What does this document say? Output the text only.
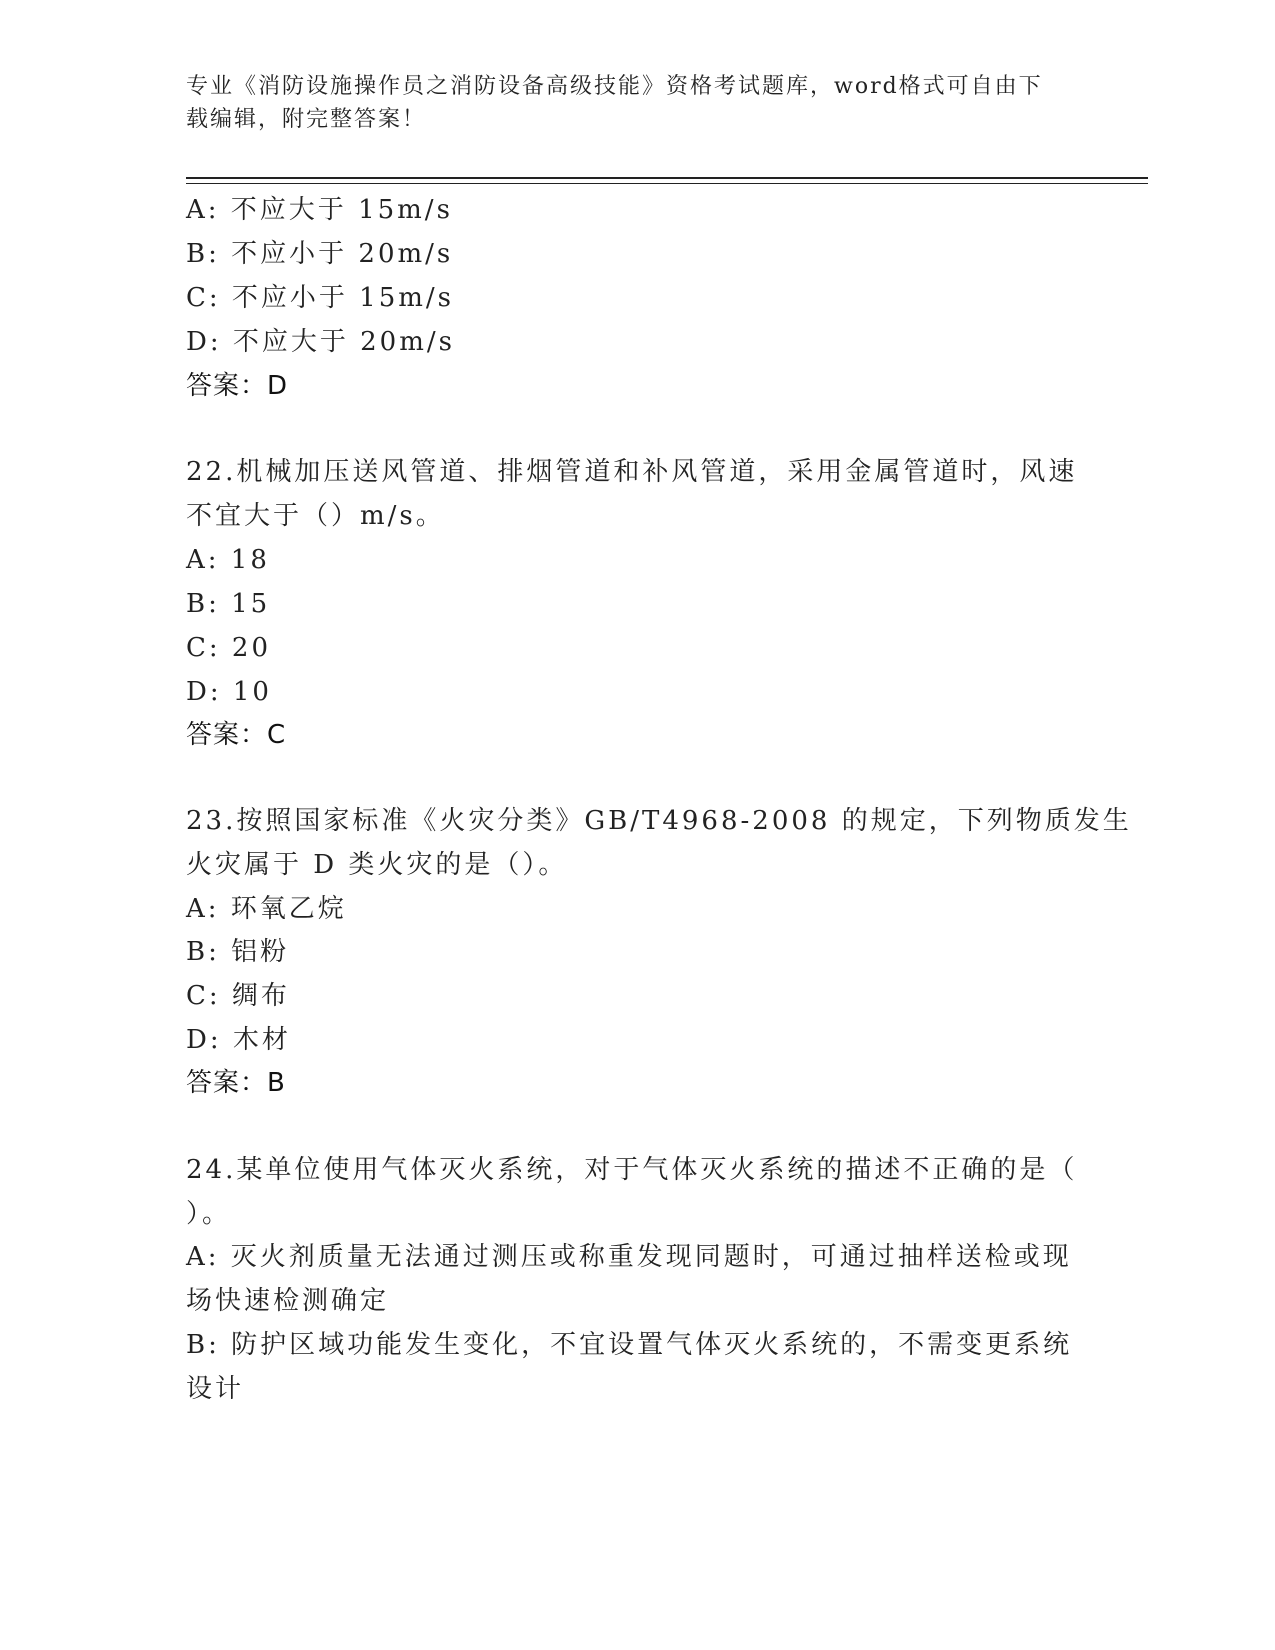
专业《消防设施操作员之消防设备高级技能》资格考试题库，word格式可自由下
载编辑，附完整答案！
A: 不应大于 15m/s
B: 不应小于 20m/s
C: 不应小于 15m/s
D: 不应大于 20m/s
答案：D
22.机械加压送风管道、排烟管道和补风管道，采用金属管道时，风速
不宜大于（）m/s。
A: 18
B: 15
C: 20
D: 10
答案：C
23.按照国家标准《火灾分类》GB/T4968-2008 的规定，下列物质发生
火灾属于 D 类火灾的是（）。
A: 环氧乙烷
B: 铝粉
C: 绸布
D: 木材
答案：B
24.某单位使用气体灭火系统，对于气体灭火系统的描述不正确的是（
）。
A: 灭火剂质量无法通过测压或称重发现同题时，可通过抽样送检或现
场快速检测确定
B: 防护区域功能发生变化，不宜设置气体灭火系统的，不需变更系统
设计
